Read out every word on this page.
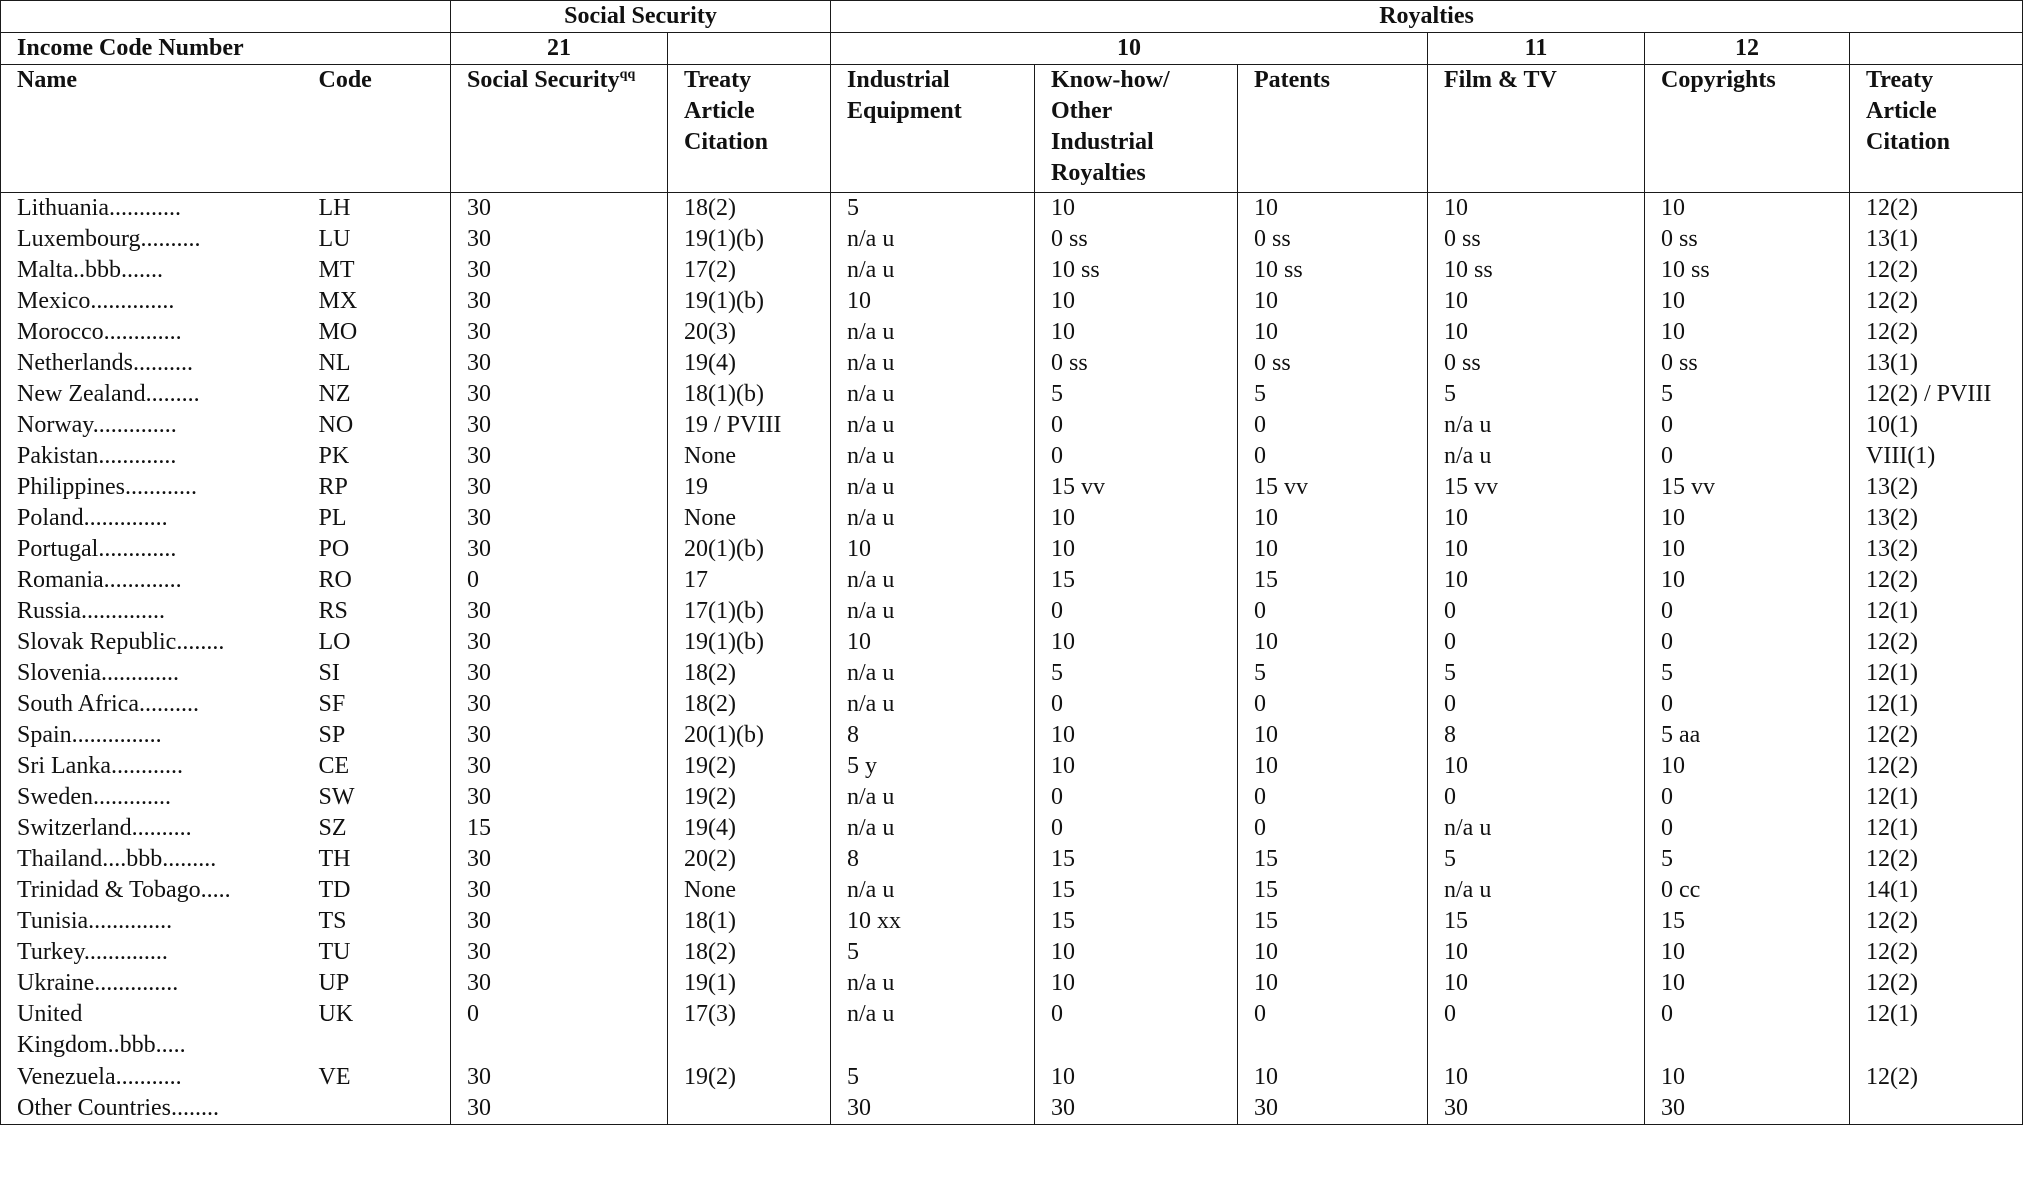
		Social Security		Royalties					
Income Code Number		21		10			11	12	
Name	Code	Social Security$^{qq}$	Treaty Article Citation	Industrial Equipment	Know-how/ Other Industrial Royalties	Patents	Film & TV	Copyrights	Treaty Article Citation
Lithuania............	LH	30	18(2)	5	10	10	10	10	12(2)
Luxembourg..........	LU	30	19(1)(b)	n/a u	0 ss	0 ss	0 ss	0 ss	13(1)
Malta..bbb.......	MT	30	17(2)	n/a u	10 ss	10 ss	10 ss	10 ss	12(2)
Mexico..............	MX	30	19(1)(b)	10	10	10	10	10	12(2)
Morocco.............	MO	30	20(3)	n/a u	10	10	10	10	12(2)
Netherlands..........	NL	30	19(4)	n/a u	0 ss	0 ss	0 ss	0 ss	13(1)
New Zealand.........	NZ	30	18(1)(b)	n/a u	5	5	5	5	12(2) / PVIII
Norway..............	NO	30	19 / PVIII	n/a u	0	0	n/a u	0	10(1)
Pakistan.............	PK	30	None	n/a u	0	0	n/a u	0	VIII(1)
Philippines............	RP	30	19	n/a u	15 vv	15 vv	15 vv	15 vv	13(2)
Poland..............	PL	30	None	n/a u	10	10	10	10	13(2)
Portugal.............	PO	30	20(1)(b)	10	10	10	10	10	13(2)
Romania.............	RO	0	17	n/a u	15	15	10	10	12(2)
Russia..............	RS	30	17(1)(b)	n/a u	0	0	0	0	12(1)
Slovak Republic........	LO	30	19(1)(b)	10	10	10	0	0	12(2)
Slovenia.............	SI	30	18(2)	n/a u	5	5	5	5	12(1)
South Africa..........	SF	30	18(2)	n/a u	0	0	0	0	12(1)
Spain...............	SP	30	20(1)(b)	8	10	10	8	5 aa	12(2)
Sri Lanka............	CE	30	19(2)	5 y	10	10	10	10	12(2)
Sweden.............	SW	30	19(2)	n/a u	0	0	0	0	12(1)
Switzerland..........	SZ	15	19(4)	n/a u	0	0	n/a u	0	12(1)
Thailand....bbb.........	TH	30	20(2)	8	15	15	5	5	12(2)
Trinidad & Tobago.....	TD	30	None	n/a u	15	15	n/a u	0 cc	14(1)
Tunisia..............	TS	30	18(1)	10 xx	15	15	15	15	12(2)
Turkey..............	TU	30	18(2)	5	10	10	10	10	12(2)
Ukraine..............	UP	30	19(1)	n/a u	10	10	10	10	12(2)
United Kingdom..bbb.....	UK	0	17(3)	n/a u	0	0	0	0	12(1)
Venezuela...........	VE	30	19(2)	5	10	10	10	10	12(2)
Other Countries........		30		30	30	30	30	30	
